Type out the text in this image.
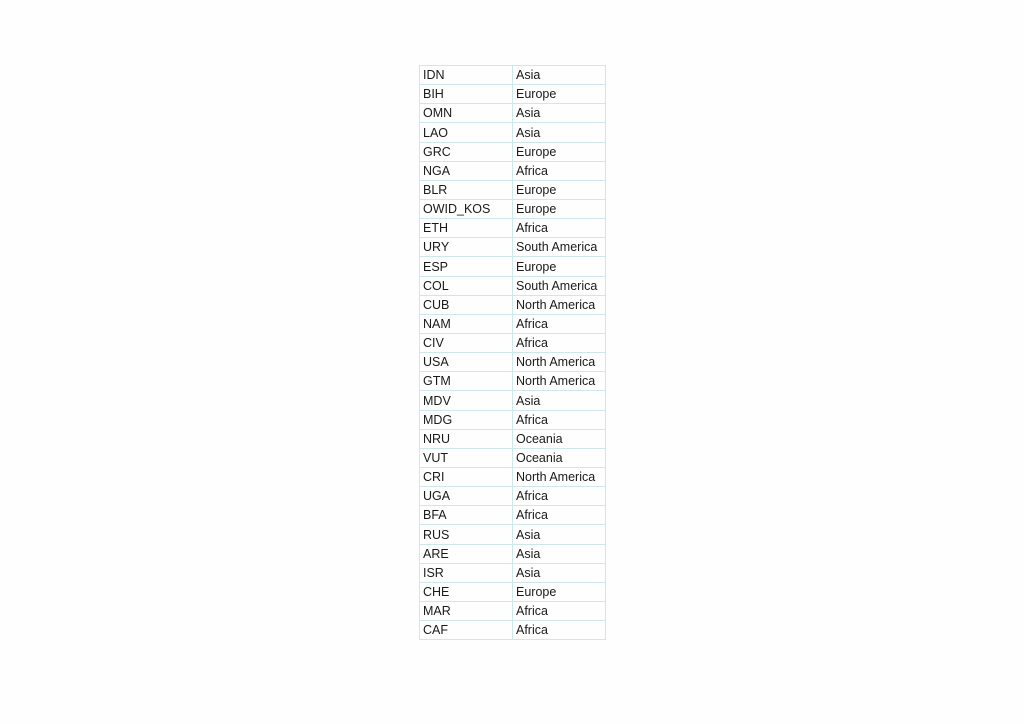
IDN	Asia
BIH	Europe
OMN	Asia
LAO	Asia
GRC	Europe
NGA	Africa
BLR	Europe
OWID_KOS	Europe
ETH	Africa
URY	South America
ESP	Europe
COL	South America
CUB	North America
NAM	Africa
CIV	Africa
USA	North America
GTM	North America
MDV	Asia
MDG	Africa
NRU	Oceania
VUT	Oceania
CRI	North America
UGA	Africa
BFA	Africa
RUS	Asia
ARE	Asia
ISR	Asia
CHE	Europe
MAR	Africa
CAF	Africa
